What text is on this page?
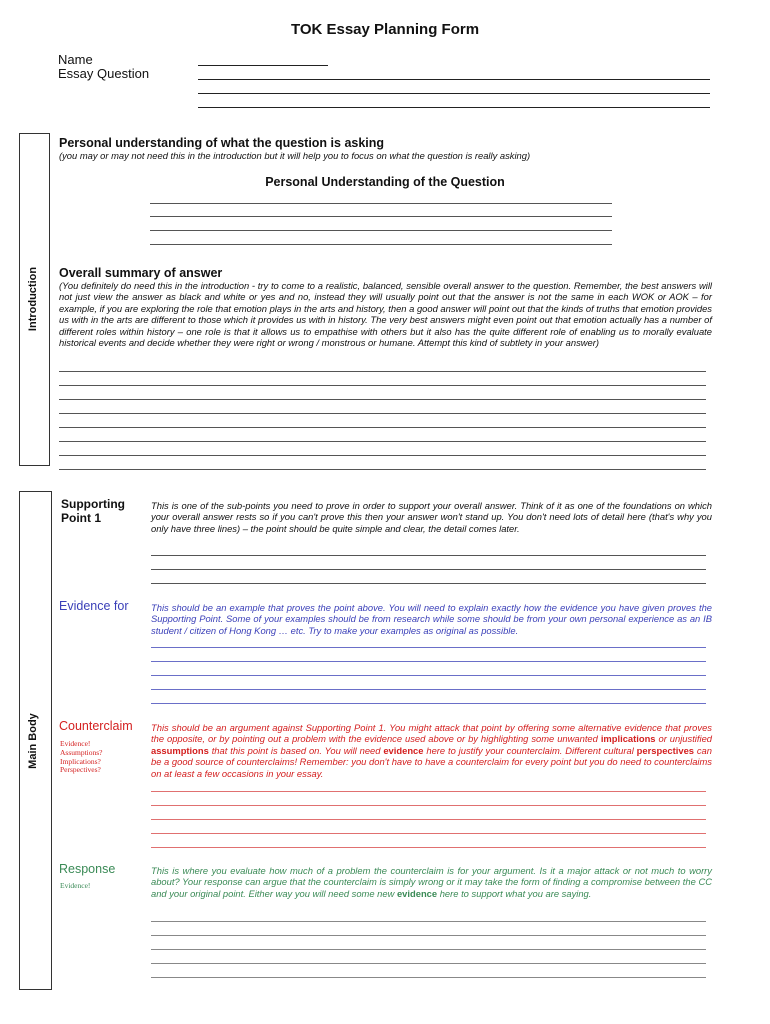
TOK Essay Planning Form
Name
Essay Question
Introduction
Personal understanding of what the question is asking
(you may or may not need this in the introduction but it will help you to focus on what the question is really asking)
Personal Understanding of the Question
Overall summary of answer
(You definitely do need this in the introduction - try to come to a realistic, balanced, sensible overall answer to the question. Remember, the best answers will not just view the answer as black and white or yes and no, instead they will usually point out that the answer is not the same in each WOK or AOK – for example, if you are exploring the role that emotion plays in the arts and history, then a good answer will point out that the kinds of truths that emotion provides us with in the arts are different to those which it provides us with in history. The very best answers might even point out that emotion actually has a number of different roles within history – one role is that it allows us to empathise with others but it also has the quite different role of enabling us to morally evaluate historical events and decide whether they were right or wrong / monstrous or humane. Attempt this kind of subtlety in your answer)
Main Body
Supporting
Point 1
This is one of the sub-points you need to prove in order to support your overall answer. Think of it as one of the foundations on which your overall answer rests so if you can't prove this then your answer won't stand up. You don't need lots of detail here (that's why you only have three lines) – the point should be quite simple and clear, the detail comes later.
Evidence for This should be an example that proves the point above. You will need to explain exactly how the evidence you have given proves the Supporting Point. Some of your examples should be from research while some should be from your own personal experience as an IB student / citizen of Hong Kong … etc. Try to make your examples as original as possible.
Counterclaim
Evidence!
Assumptions?
Implications?
Perspectives?
This should be an argument against Supporting Point 1. You might attack that point by offering some alternative evidence that proves the opposite, or by pointing out a problem with the evidence used above or by highlighting some unwanted implications or unjustified assumptions that this point is based on. You will need evidence here to justify your counterclaim. Different cultural perspectives can be a good source of counterclaims! Remember: you don't have to have a counterclaim for every point but you do need to counterclaims on at least a few occasions in your essay.
Response
Evidence!
This is where you evaluate how much of a problem the counterclaim is for your argument. Is it a major attack or not much to worry about? Your response can argue that the counterclaim is simply wrong or it may take the form of finding a compromise between the CC and your original point. Either way you will need some new evidence here to support what you are saying.
